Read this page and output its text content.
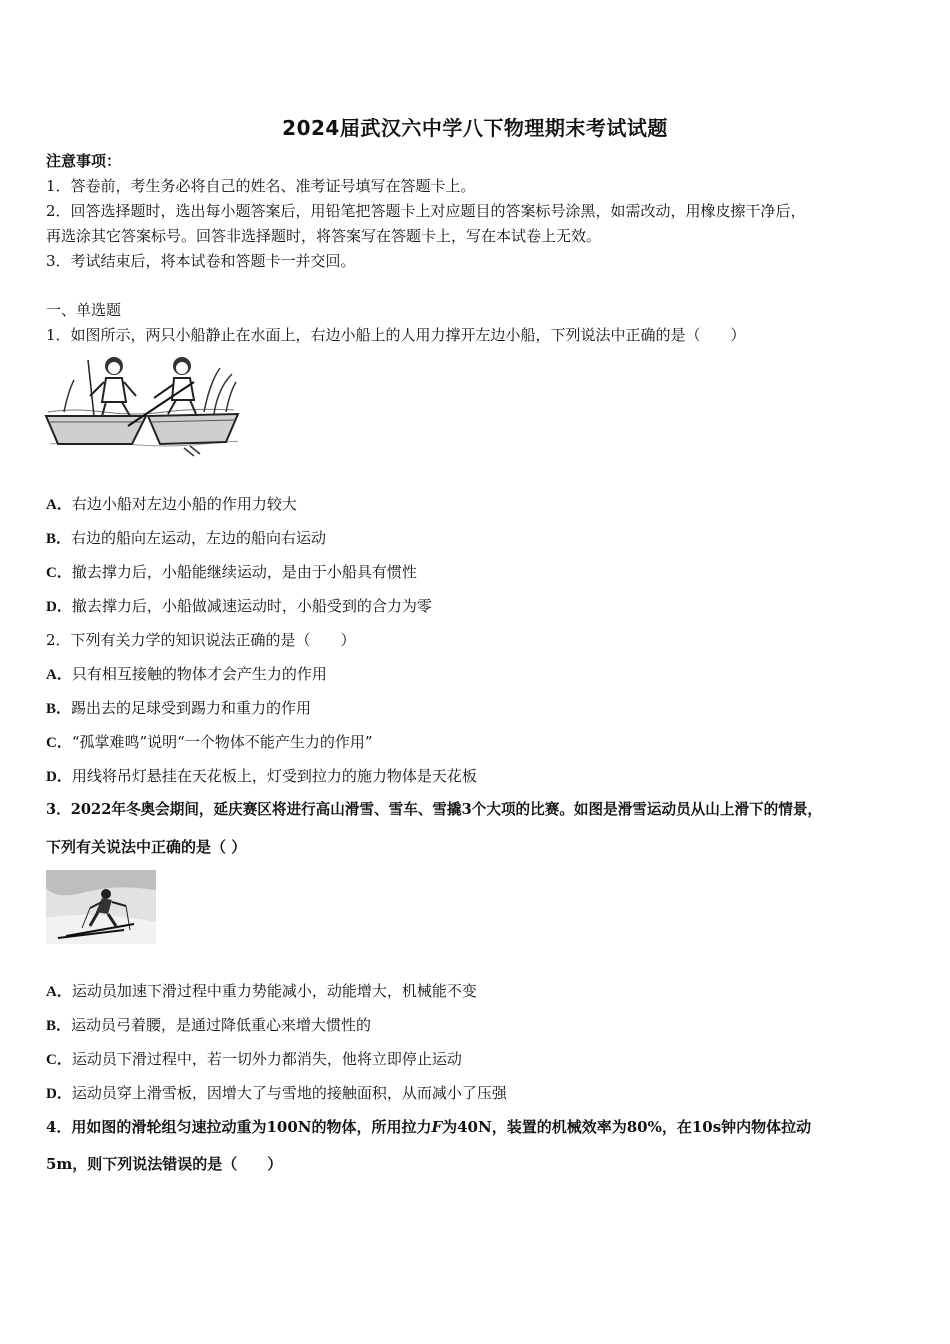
2024届武汉六中学八下物理期末考试试题
注意事项：
1．答卷前，考生务必将自己的姓名、准考证号填写在答题卡上。
2．回答选择题时，选出每小题答案后，用铅笔把答题卡上对应题目的答案标号涂黑，如需改动，用橡皮擦干净后，
再选涂其它答案标号。回答非选择题时，将答案写在答题卡上，写在本试卷上无效。
3．考试结束后，将本试卷和答题卡一并交回。
一、单选题
1．如图所示，两只小船静止在水面上，右边小船上的人用力撑开左边小船，下列说法中正确的是（　　）
A．右边小船对左边小船的作用力较大
B．右边的船向左运动，左边的船向右运动
C．撤去撑力后，小船能继续运动，是由于小船具有惯性
D．撤去撑力后，小船做减速运动时，小船受到的合力为零
2．下列有关力学的知识说法正确的是（　　）
A．只有相互接触的物体才会产生力的作用
B．踢出去的足球受到踢力和重力的作用
C．“孤掌难鸣”说明“一个物体不能产生力的作用”
D．用线将吊灯悬挂在天花板上，灯受到拉力的施力物体是天花板
3．2022年冬奥会期间，延庆赛区将进行高山滑雪、雪车、雪撬3个大项的比赛。如图是滑雪运动员从山上滑下的情景，
下列有关说法中正确的是（ ）
A．运动员加速下滑过程中重力势能减小，动能增大，机械能不变
B．运动员弓着腰，是通过降低重心来增大惯性的
C．运动员下滑过程中，若一切外力都消失，他将立即停止运动
D．运动员穿上滑雪板，因增大了与雪地的接触面积，从而减小了压强
4．用如图的滑轮组匀速拉动重为100N的物体，所用拉力F为40N，装置的机械效率为80%，在10s钟内物体拉动
5m，则下列说法错误的是（　　）
